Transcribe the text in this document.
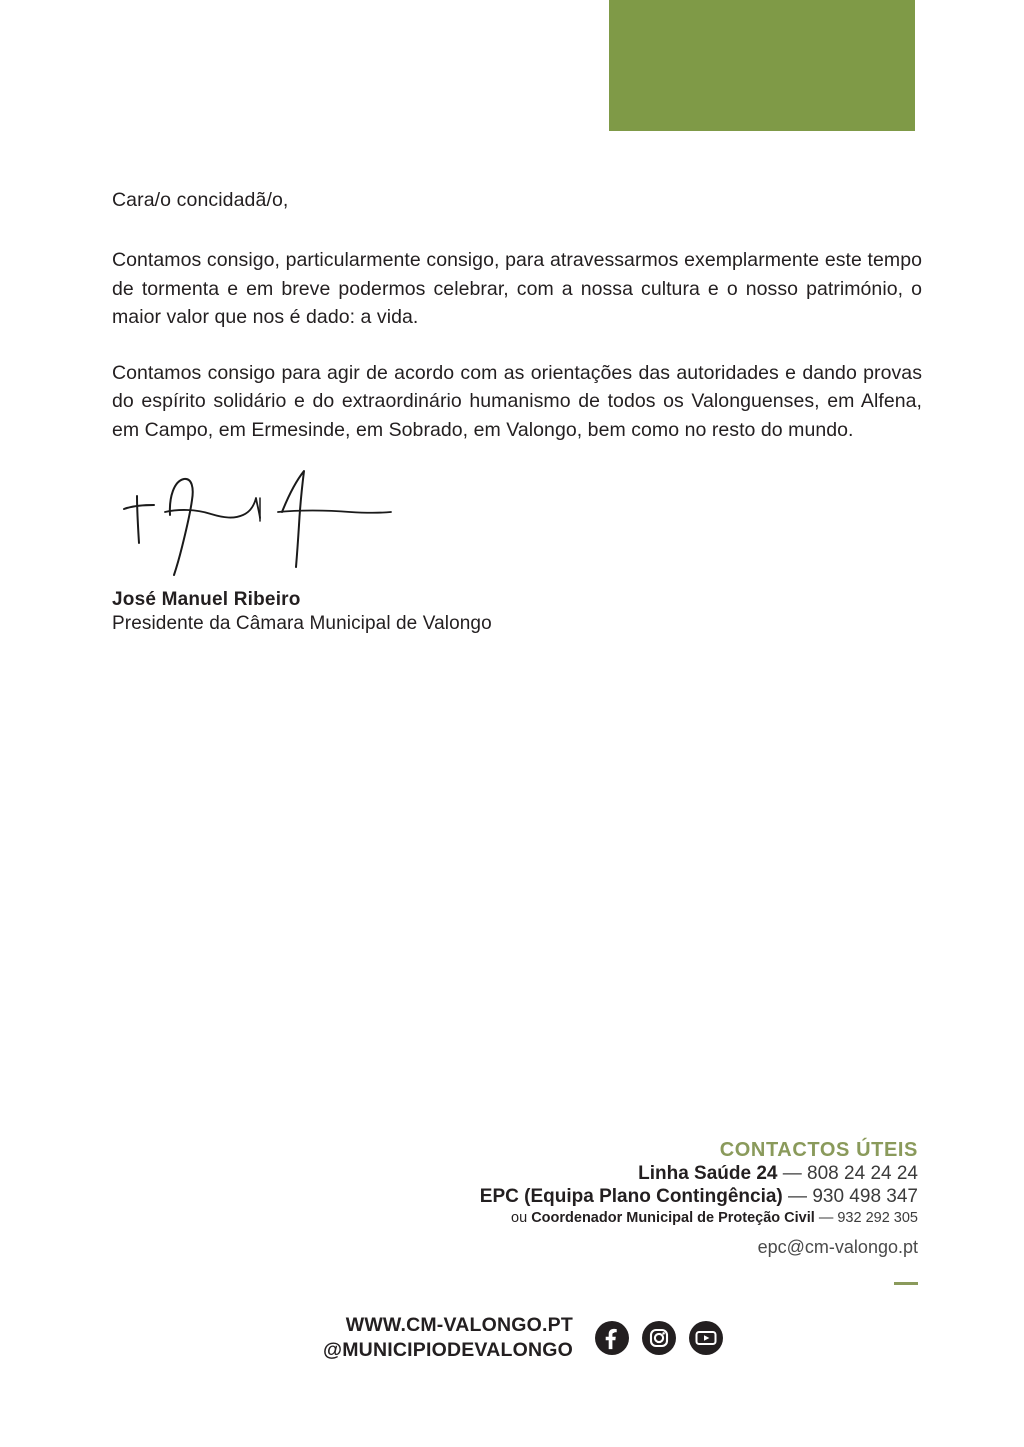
Cara/o concidadã/o,

Contamos consigo, particularmente consigo, para atravessarmos exemplarmente este tempo de tormenta e em breve podermos celebrar, com a nossa cultura e o nosso património, o maior valor que nos é dado: a vida.

Contamos consigo para agir de acordo com as orientações das autoridades e dando provas do espírito solidário e do extraordinário humanismo de todos os Valonguenses, em Alfena, em Campo, em Ermesinde, em Sobrado, em Valongo, bem como no resto do mundo.

José Manuel Ribeiro
Presidente da Câmara Municipal de Valongo
CONTACTOS ÚTEIS
Linha Saúde 24 — 808 24 24 24
EPC (Equipa Plano Contingência) — 930 498 347
ou Coordenador Municipal de Proteção Civil — 932 292 305
epc@cm-valongo.pt
WWW.CM-VALONGO.PT
@MUNICIPIODEVALONGO
